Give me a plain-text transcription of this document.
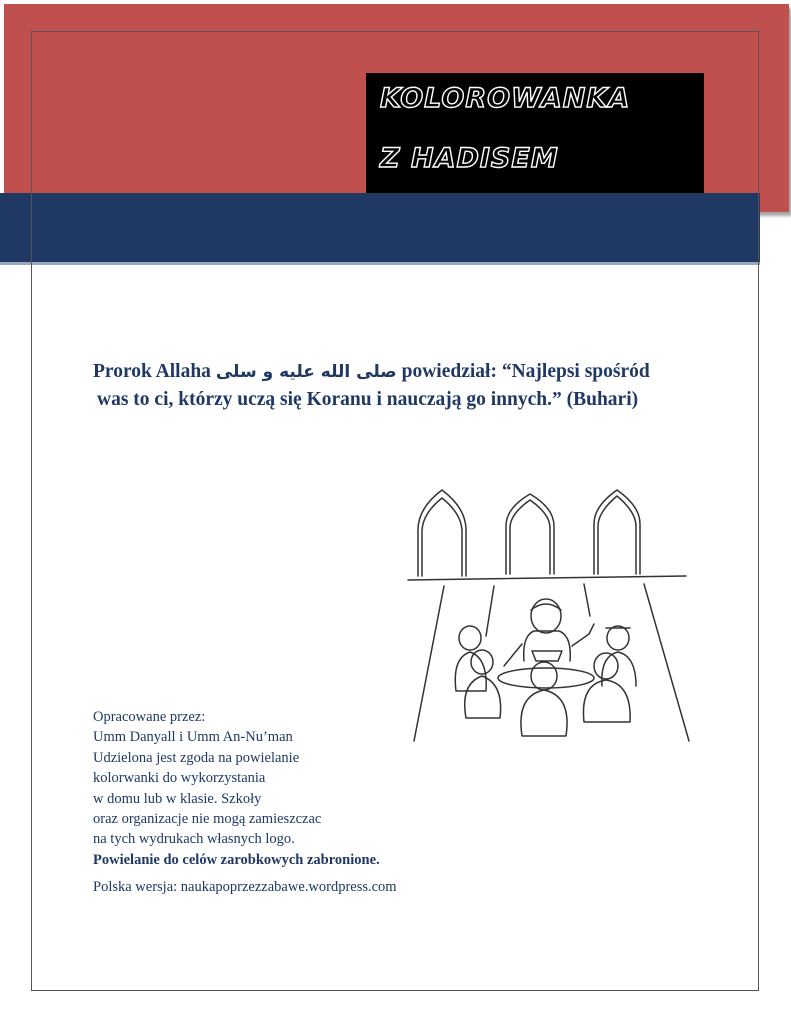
KOLOROWANKA
Z HADISEM
Prorok Allaha صلى الله عليه و سلى powiedział: “Najlepsi spośród
was to ci, którzy uczą się Koranu i nauczają go innych.” (Buhari)
Opracowane przez:
Umm Danyall i Umm An-Nu’man
Udzielona jest zgoda na powielanie
kolorwanki do wykorzystania
w domu lub w klasie. Szkoły
oraz organizacje nie mogą zamieszczac
na tych wydrukach własnych logo.
Powielanie do celów zarobkowych zabronione.
Polska wersja: naukapoprzezzabawe.wordpress.com
